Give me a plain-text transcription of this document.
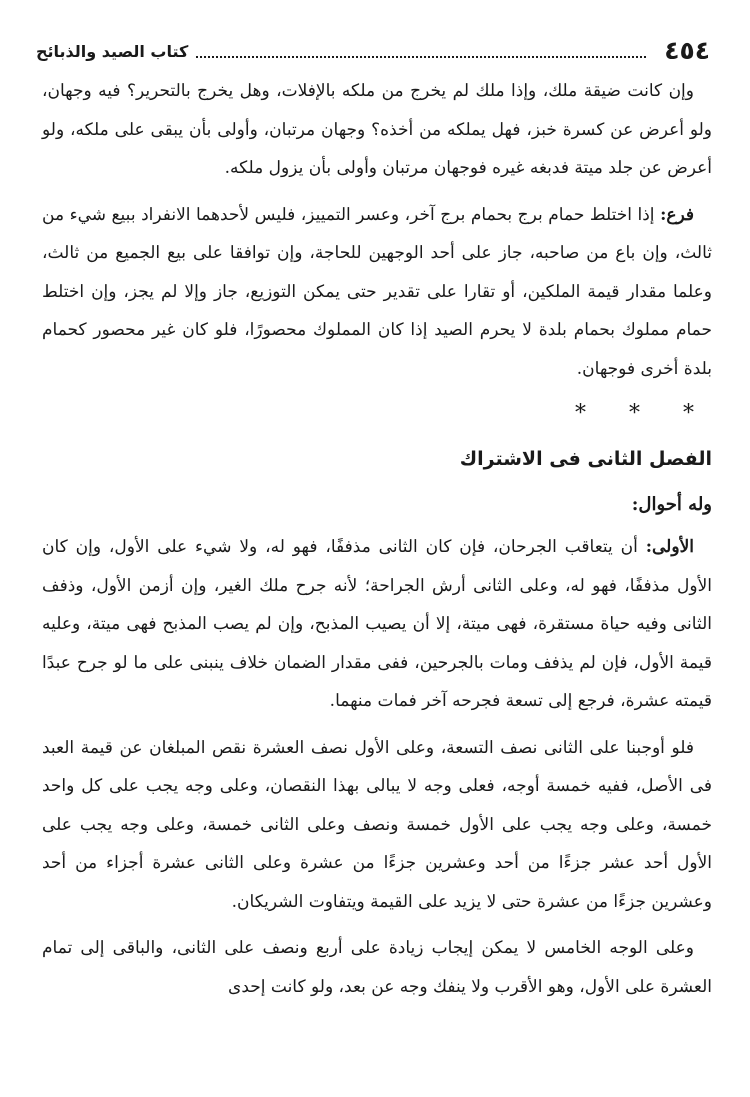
٤٥٤
كتاب الصيد والذبائح

وإن كانت ضيقة ملك، وإذا ملك لم يخرج من ملكه بالإفلات، وهل يخرج بالتحرير؟ فيه وجهان، ولو أعرض عن كسرة خبز، فهل يملكه من أخذه؟ وجهان مرتبان، وأولى بأن يبقى على ملكه، ولو أعرض عن جلد ميتة فدبغه غيره فوجهان مرتبان وأولى بأن يزول ملكه.

فرع: إذا اختلط حمام برج بحمام برج آخر، وعسر التمييز، فليس لأحدهما الانفراد ببيع شيء من ثالث، وإن باع من صاحبه، جاز على أحد الوجهين للحاجة، وإن توافقا على بيع الجميع من ثالث، وعلما مقدار قيمة الملكين، أو تقارا على تقدير حتى يمكن التوزيع، جاز وإلا لم يجز، وإن اختلط حمام مملوك بحمام بلدة لا يحرم الصيد إذا كان المملوك محصورًا، فلو كان غير محصور كحمام بلدة أخرى فوجهان.

* * *
الفصل الثانى فى الاشتراك
وله أحوال:

الأولى: أن يتعاقب الجرحان، فإن كان الثانى مذففًا، فهو له، ولا شيء على الأول، وإن كان الأول مذففًا، فهو له، وعلى الثانى أرش الجراحة؛ لأنه جرح ملك الغير، وإن أزمن الأول، وذفف الثانى وفيه حياة مستقرة، فهى ميتة، إلا أن يصيب المذبح، وإن لم يصب المذبح فهى ميتة، وعليه قيمة الأول، فإن لم يذفف ومات بالجرحين، ففى مقدار الضمان خلاف ينبنى على ما لو جرح عبدًا قيمته عشرة، فرجع إلى تسعة فجرحه آخر فمات منهما.

فلو أوجبنا على الثانى نصف التسعة، وعلى الأول نصف العشرة نقص المبلغان عن قيمة العبد فى الأصل، ففيه خمسة أوجه، فعلى وجه لا يبالى بهذا النقصان، وعلى وجه يجب على كل واحد خمسة، وعلى وجه يجب على الأول خمسة ونصف وعلى الثانى خمسة، وعلى وجه يجب على الأول أحد عشر جزءًا من أحد وعشرين جزءًا من عشرة وعلى الثانى عشرة أجزاء من أحد وعشرين جزءًا من عشرة حتى لا يزيد على القيمة ويتفاوت الشريكان.

وعلى الوجه الخامس لا يمكن إيجاب زيادة على أربع ونصف على الثانى، والباقى إلى تمام العشرة على الأول، وهو الأقرب ولا ينفك وجه عن بعد، ولو كانت إحدى
